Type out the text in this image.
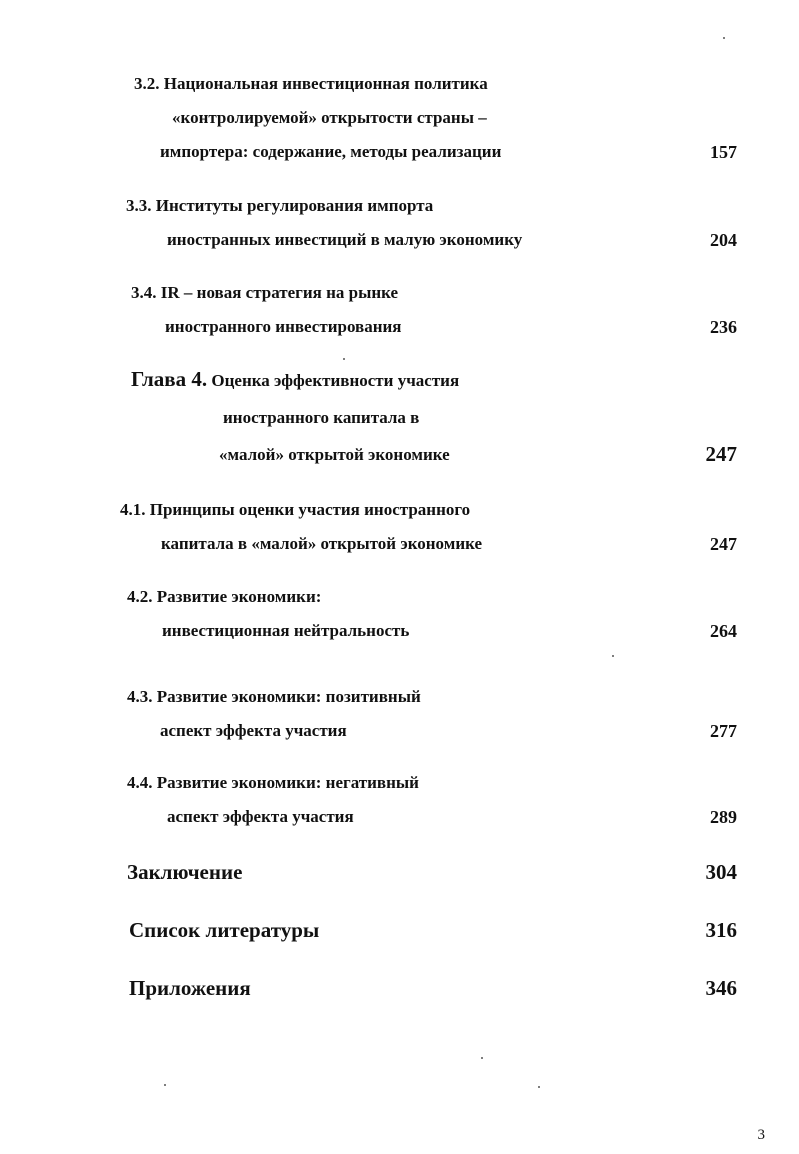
3.2. Национальная инвестиционная политика
«контролируемой» открытости страны –
импортера: содержание, методы реализации	157
3.3. Институты регулирования импорта
иностранных инвестиций в малую экономику	204
3.4. IR – новая стратегия на рынке
иностранного инвестирования	236
Глава 4. Оценка эффективности участия
иностранного капитала в
«малой» открытой экономике	247
4.1. Принципы оценки участия иностранного
капитала в «малой» открытой экономике	247
4.2. Развитие экономики:
инвестиционная нейтральность	264
4.3. Развитие экономики: позитивный
аспект эффекта участия	277
4.4. Развитие экономики: негативный
аспект эффекта участия	289
Заключение	304
Список литературы	316
Приложения	346
3
